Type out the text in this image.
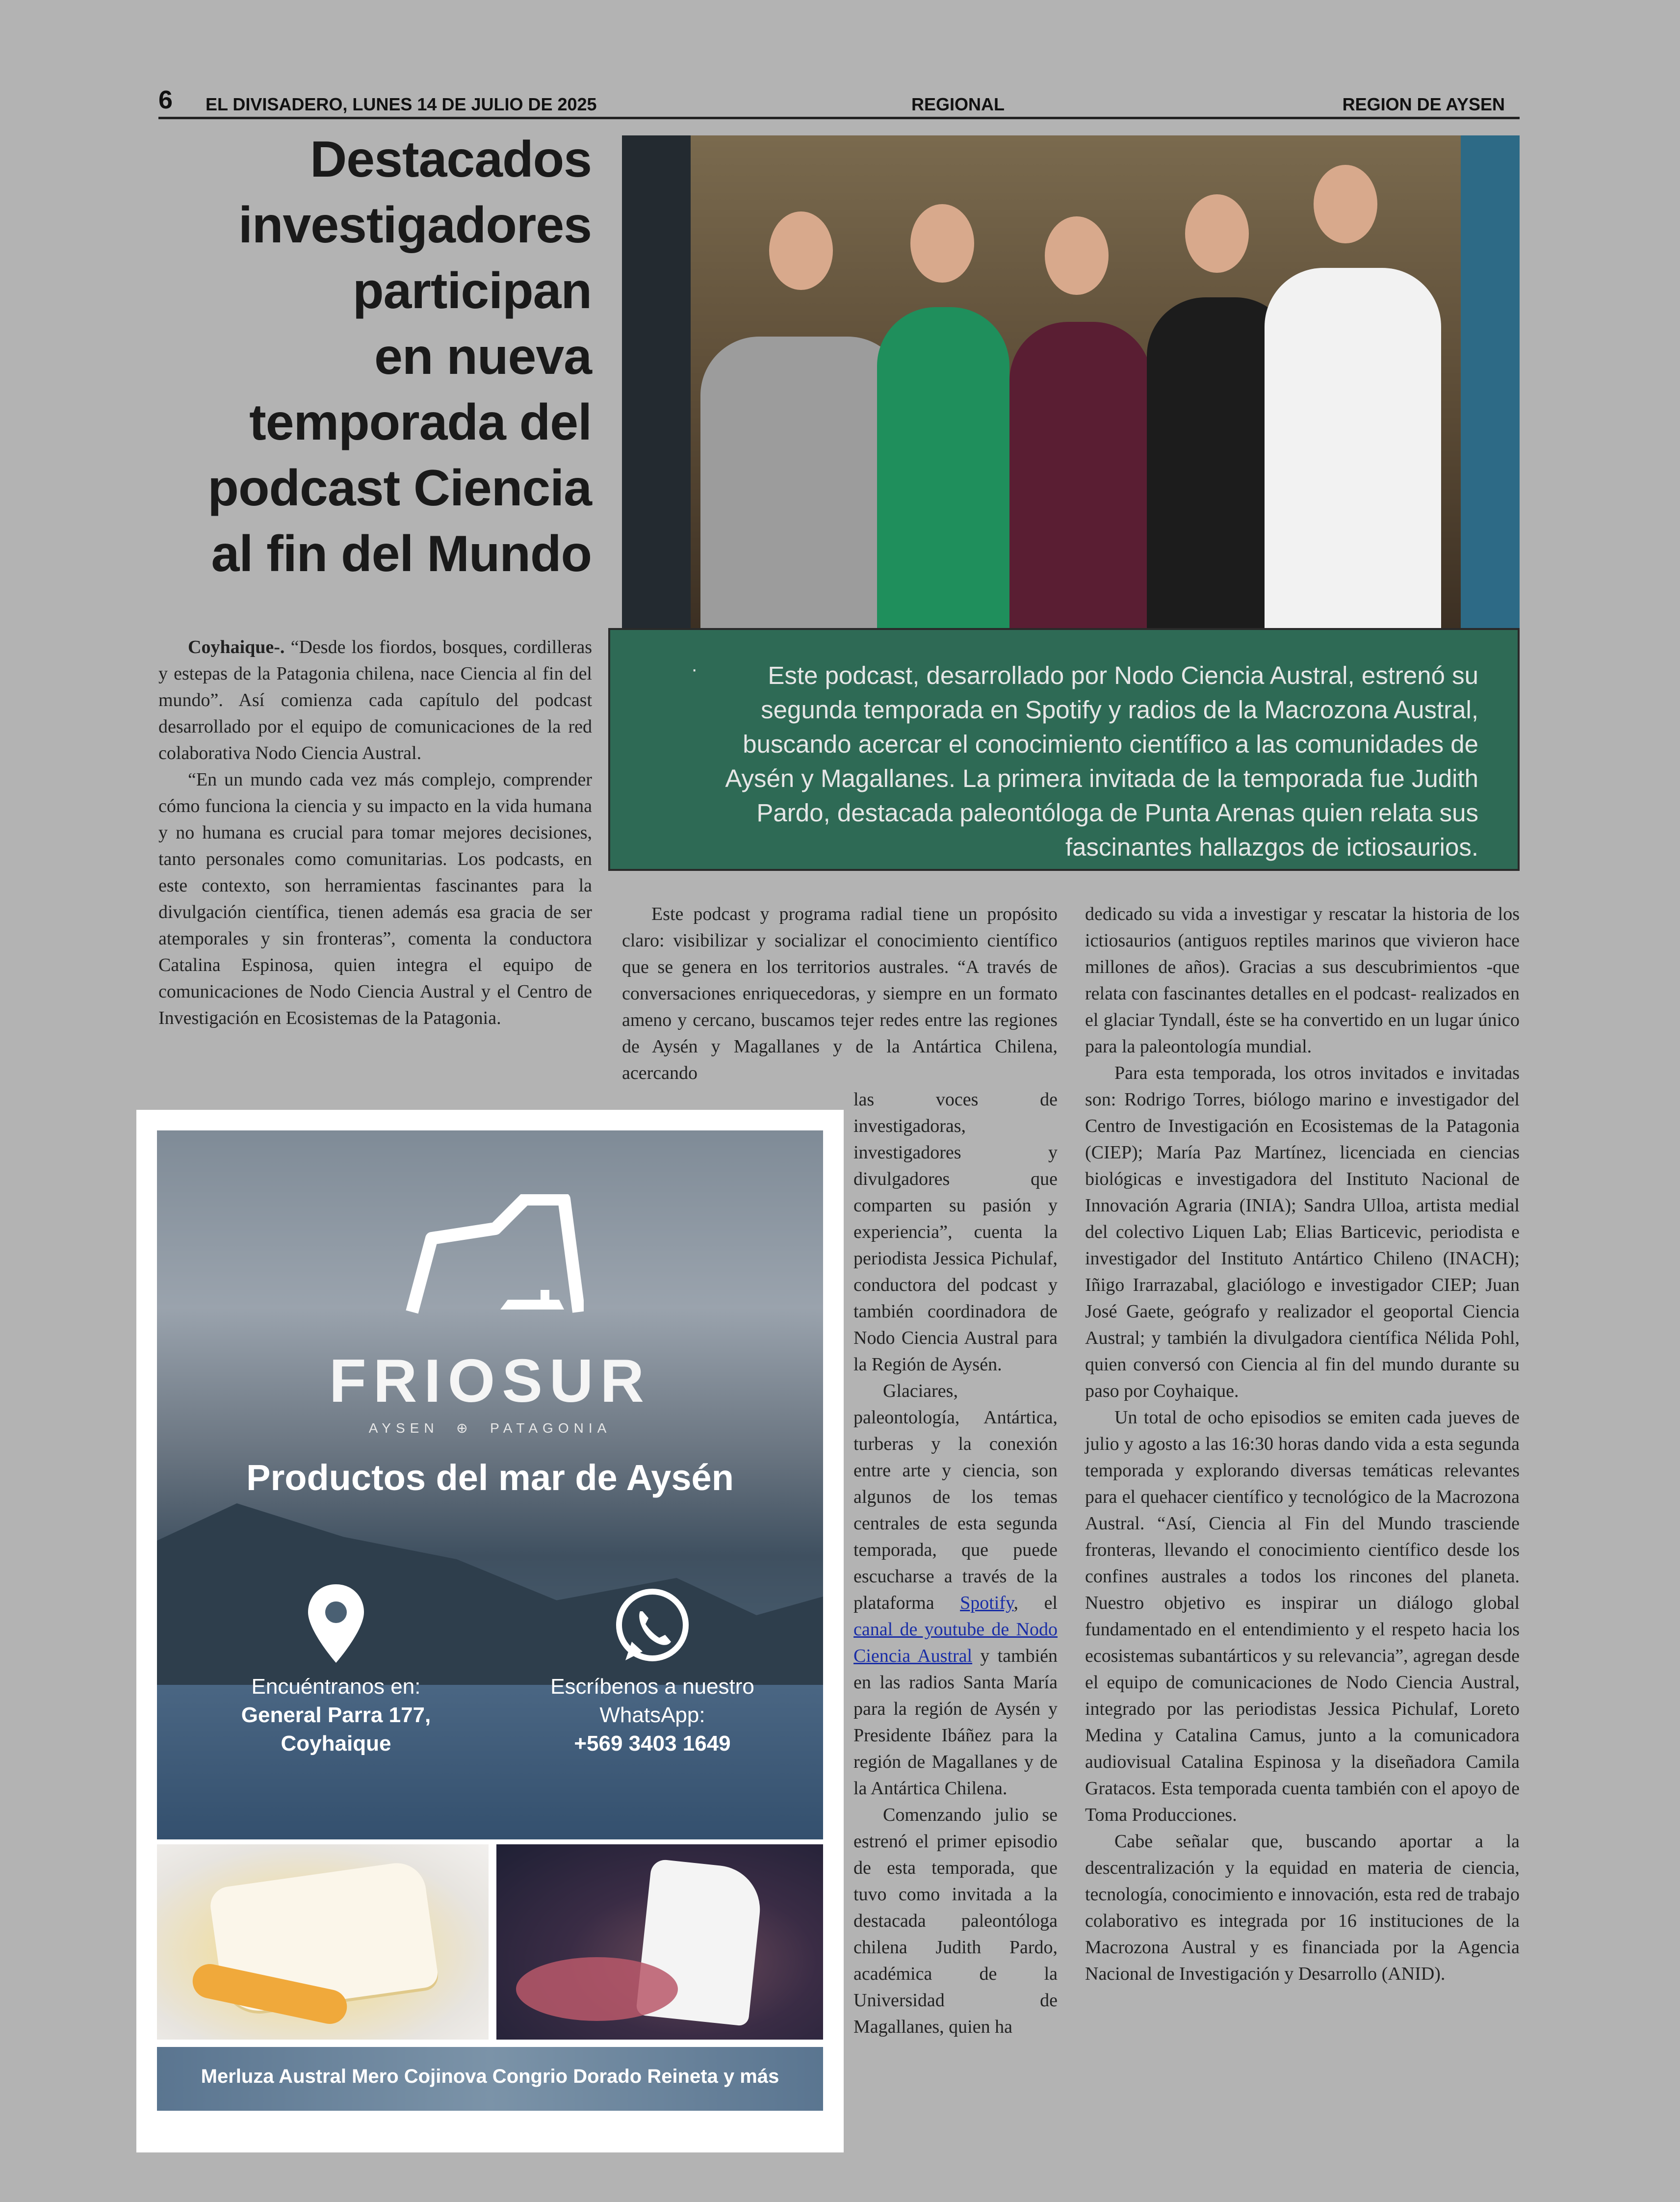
6 EL DIVISADERO, LUNES 14 DE JULIO DE 2025	REGIONAL	REGION DE AYSEN
Destacados
investigadores
participan
en nueva
temporada del
podcast Ciencia
al fin del Mundo
·	Este podcast, desarrollado por Nodo Ciencia Austral, estrenó su segunda temporada en Spotify y radios de la Macrozona Austral, buscando acercar el conocimiento científico a las comunidades de Aysén y Magallanes. La primera invitada de la temporada fue Judith Pardo, destacada paleontóloga de Punta Arenas quien relata sus fascinantes hallazgos de ictiosaurios.

Coyhaique-. “Desde los fiordos, bosques, cordilleras y estepas de la Patagonia chilena, nace Ciencia al fin del mundo”. Así comienza cada capítulo del podcast desarrollado por el equipo de comunicaciones de la red colaborativa Nodo Ciencia Austral.

“En un mundo cada vez más complejo, comprender cómo funciona la ciencia y su impacto en la vida humana y no humana es crucial para tomar mejores decisiones, tanto personales como comunitarias. Los podcasts, en este contexto, son herramientas fascinantes para la divulgación científica, tienen además esa gracia de ser atemporales y sin fronteras”, comenta la conductora Catalina Espinosa, quien integra el equipo de comunicaciones de Nodo Ciencia Austral y el Centro de Investigación en Ecosistemas de la Patagonia.

Este podcast y programa radial tiene un propósito claro: visibilizar y socializar el conocimiento científico que se genera en los territorios australes. “A través de conversaciones enriquecedoras, y siempre en un formato ameno y cercano, buscamos tejer redes entre las regiones de Aysén y Magallanes y de la Antártica Chilena, acercando

las voces de investigadoras, investigadores y divulgadores que comparten su pasión y experiencia”, cuenta la periodista Jessica Pichulaf, conductora del podcast y también coordinadora de Nodo Ciencia Austral para la Región de Aysén.

Glaciares, paleontología, Antártica, turberas y la conexión entre arte y ciencia, son algunos de los temas centrales de esta segunda temporada, que puede escucharse a través de la plataforma Spotify, el canal de youtube de Nodo Ciencia Austral y también en las radios Santa María para la región de Aysén y Presidente Ibáñez para la región de Magallanes y de la Antártica Chilena.

Comenzando julio se estrenó el primer episodio de esta temporada, que tuvo como invitada a la destacada paleontóloga chilena Judith Pardo, académica de la Universidad de Magallanes, quien ha

dedicado su vida a investigar y rescatar la historia de los ictiosaurios (antiguos reptiles marinos que vivieron hace millones de años). Gracias a sus descubrimientos -que relata con fascinantes detalles en el podcast- realizados en el glaciar Tyndall, éste se ha convertido en un lugar único para la paleontología mundial.

Para esta temporada, los otros invitados e invitadas son: Rodrigo Torres, biólogo marino e investigador del Centro de Investigación en Ecosistemas de la Patagonia (CIEP); María Paz Martínez, licenciada en ciencias biológicas e investigadora del Instituto Nacional de Innovación Agraria (INIA); Sandra Ulloa, artista medial del colectivo Liquen Lab; Elias Barticevic, periodista e investigador del Instituto Antártico Chileno (INACH); Iñigo Irarrazabal, glaciólogo e investigador CIEP; Juan José Gaete, geógrafo y realizador el geoportal Ciencia Austral; y también la divulgadora científica Nélida Pohl, quien conversó con Ciencia al fin del mundo durante su paso por Coyhaique.

Un total de ocho episodios se emiten cada jueves de julio y agosto a las 16:30 horas dando vida a esta segunda temporada y explorando diversas temáticas relevantes para el quehacer científico y tecnológico de la Macrozona Austral. “Así, Ciencia al Fin del Mundo trasciende fronteras, llevando el conocimiento científico desde los confines australes a todos los rincones del planeta. Nuestro objetivo es inspirar un diálogo global fundamentado en el entendimiento y el respeto hacia los ecosistemas subantárticos y su relevancia”, agregan desde el equipo de comunicaciones de Nodo Ciencia Austral, integrado por las periodistas Jessica Pichulaf, Loreto Medina y Catalina Camus, junto a la comunicadora audiovisual Catalina Espinosa y la diseñadora Camila Gratacos. Esta temporada cuenta también con el apoyo de Toma Producciones.

Cabe señalar que, buscando aportar a la descentralización y la equidad en materia de ciencia, tecnología, conocimiento e innovación, esta red de trabajo colaborativo es integrada por 16 instituciones de la Macrozona Austral y es financiada por la Agencia Nacional de Investigación y Desarrollo (ANID).

FRIOSUR
AYSEN  ⊕  PATAGONIA
Productos del mar de Aysén
Encuéntranos en:
General Parra 177,
Coyhaique
Escríbenos a nuestro
WhatsApp:
+569 3403 1649
Merluza Austral Mero Cojinova Congrio Dorado Reineta y más
